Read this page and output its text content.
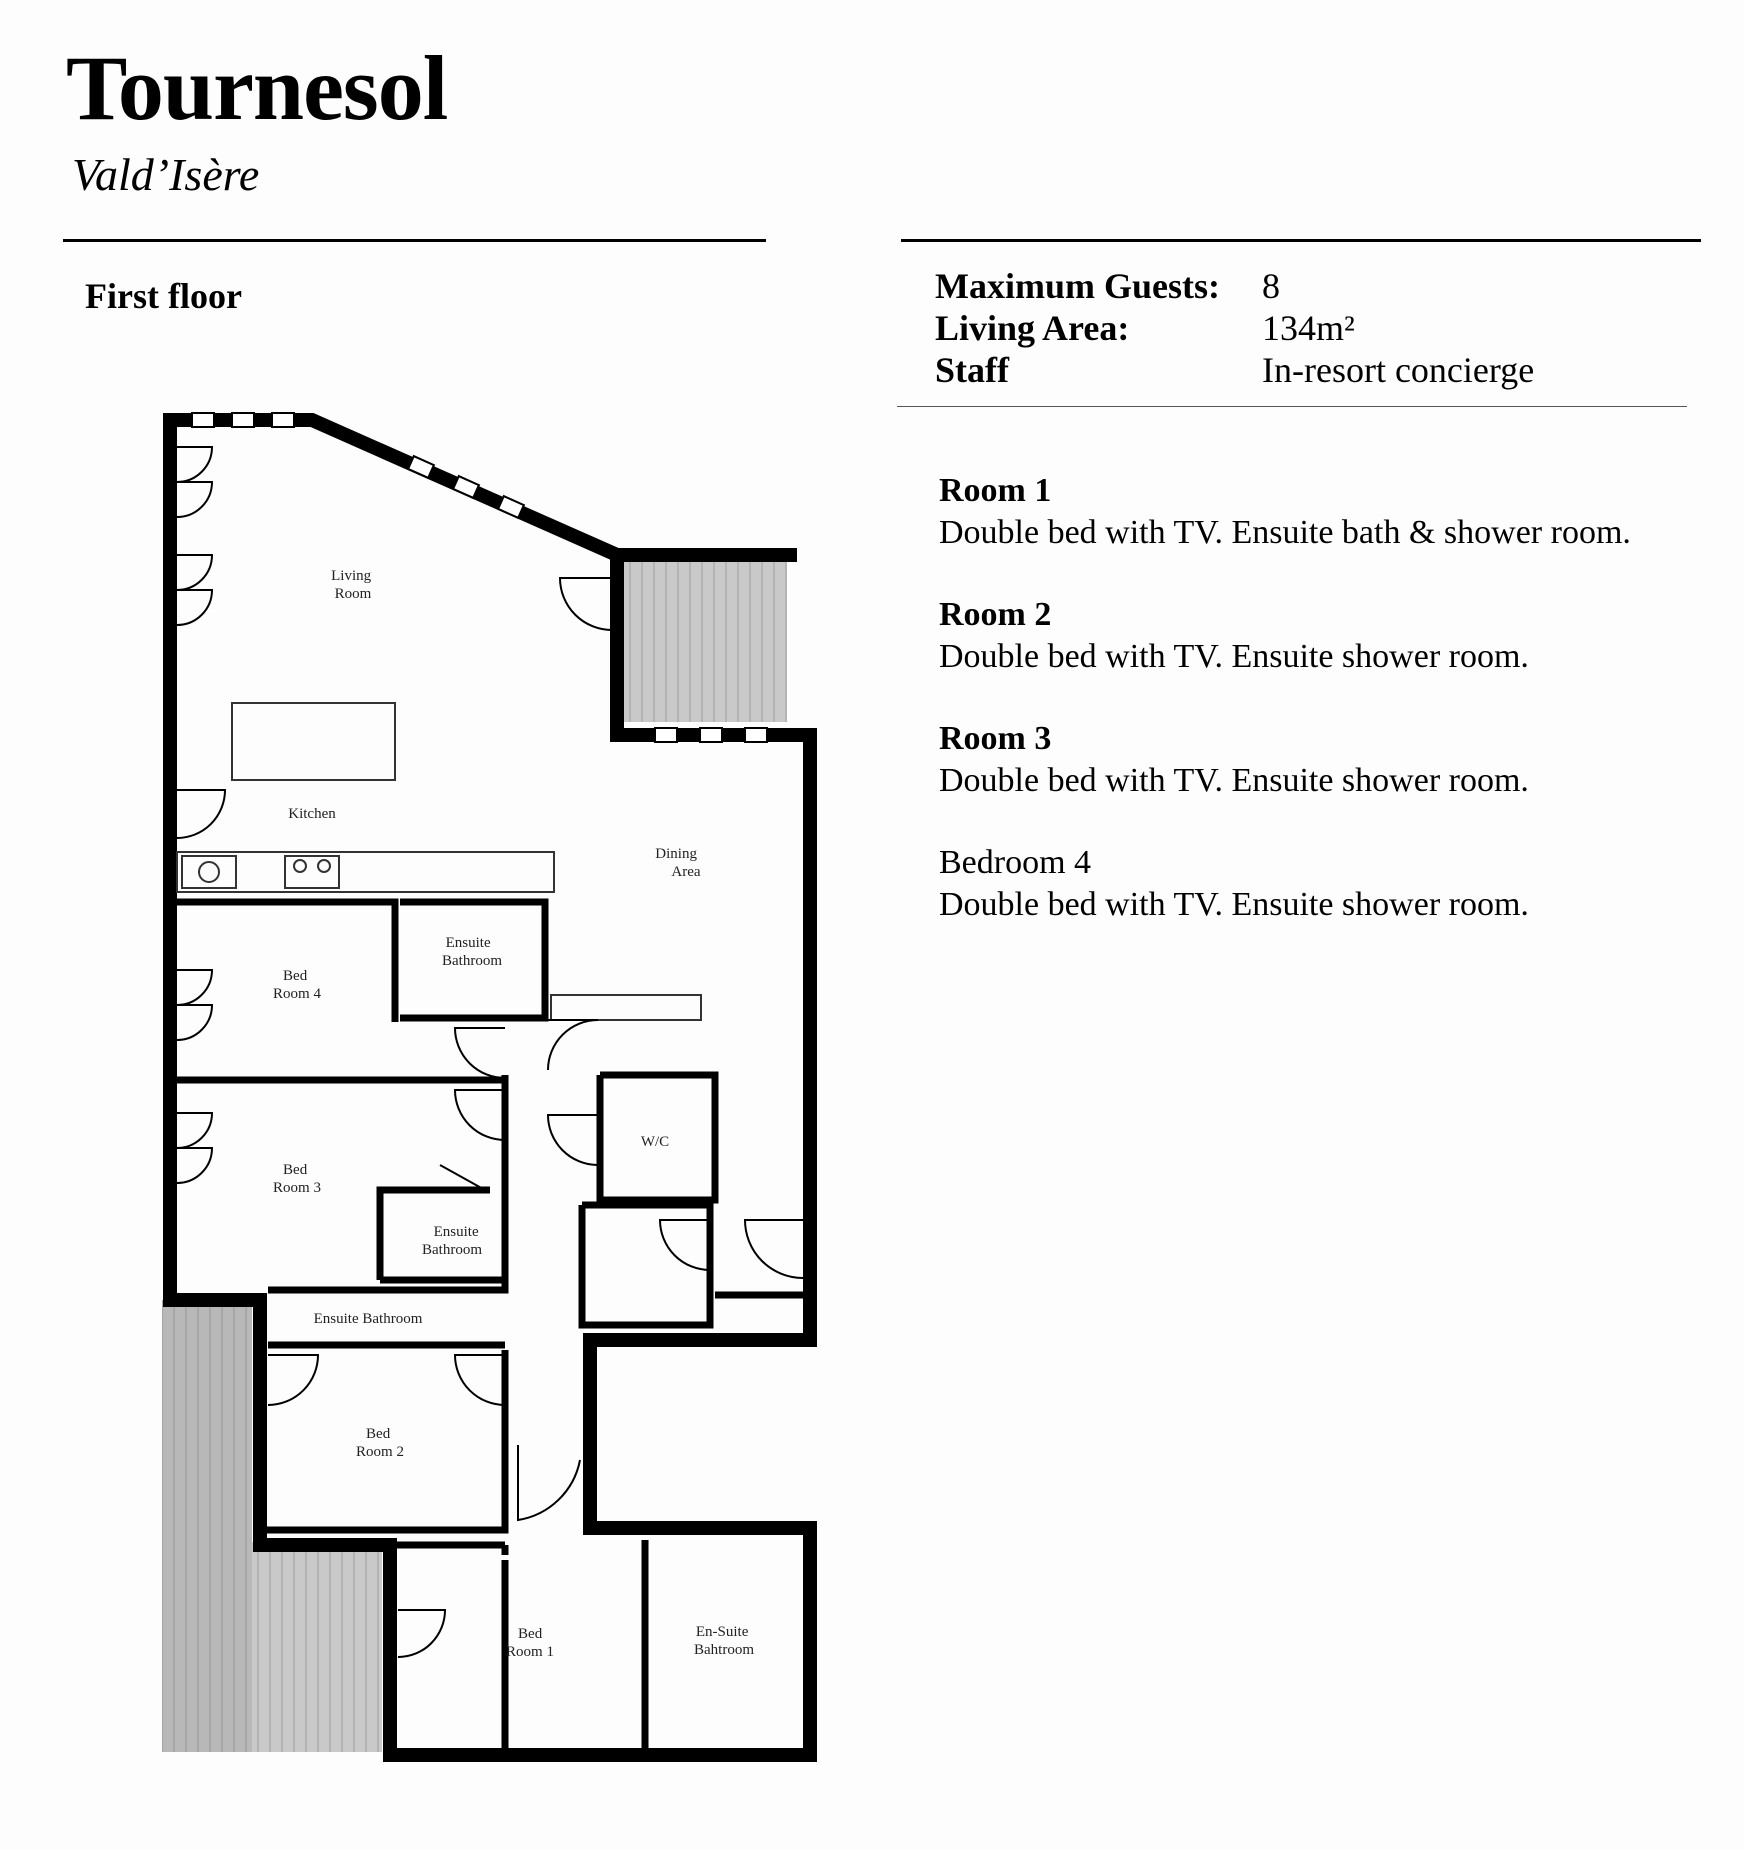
Tournesol
Vald’Isère
First floor	Maximum Guests:	8
Living Area:	134m²
Staff	In-resort concierge
Room 1
Double bed with TV. Ensuite bath & shower room.
Room 2
Double bed with TV. Ensuite shower room.
Room 3
Double bed with TV. Ensuite shower room.
Bedroom 4
Double bed with TV. Ensuite shower room.
Living Room
Kitchen
Dining Area
Bed Room 4
Ensuite Bathroom
Bed Room 3
Ensuite Bathroom
W/C
Ensuite Bathroom
Bed Room 2
Bed Room 1
En-Suite Bahtroom
